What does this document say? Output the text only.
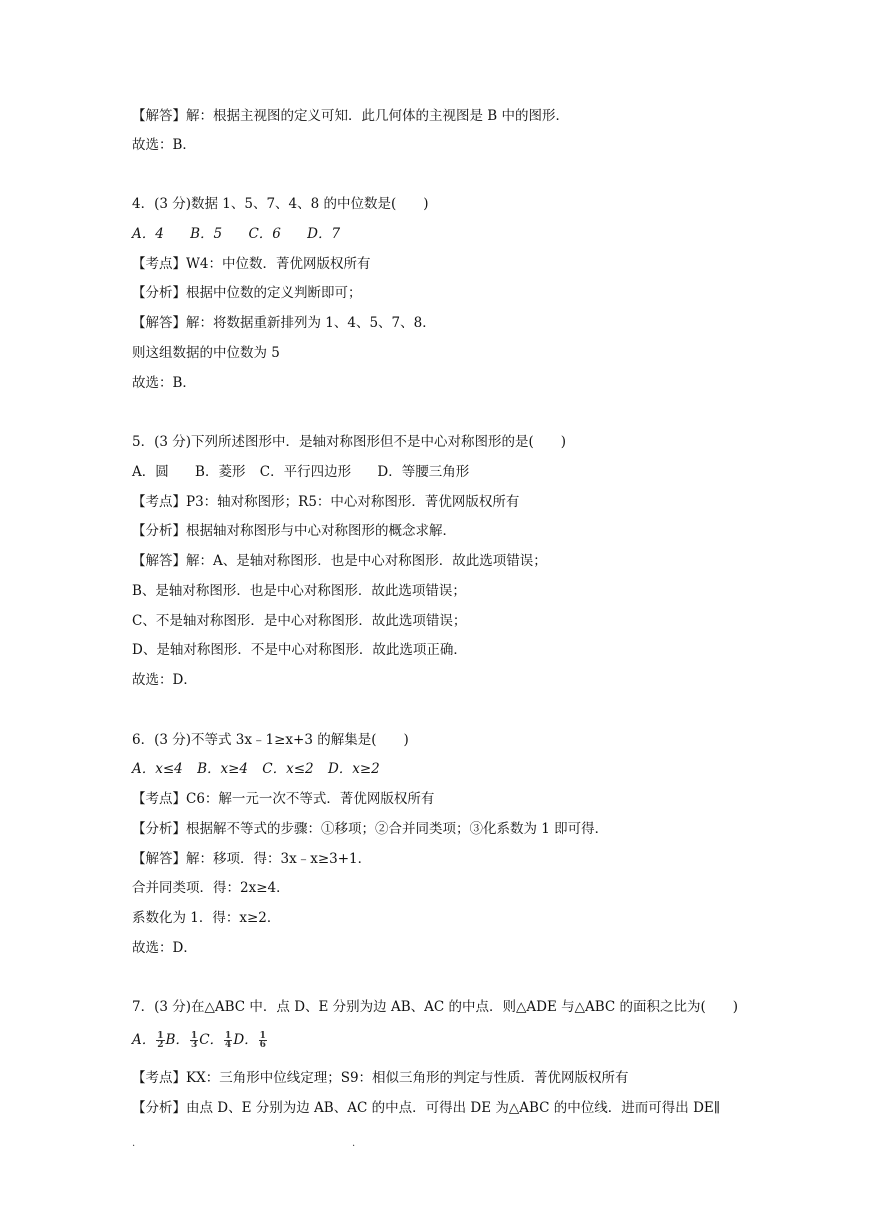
【解答】解：根据主视图的定义可知．此几何体的主视图是 B 中的图形．
故选：B．
4．(3 分)数据 1、5、7、4、8 的中位数是(　　)
A．4 B．5 C．6 D．7
【考点】W4：中位数．菁优网版权所有
【分析】根据中位数的定义判断即可；
【解答】解：将数据重新排列为 1、4、5、7、8．
则这组数据的中位数为 5
故选：B．
5．(3 分)下列所述图形中．是轴对称图形但不是中心对称图形的是(　　)
A．圆 B．菱形 C．平行四边形 D．等腰三角形
【考点】P3：轴对称图形；R5：中心对称图形．菁优网版权所有
【分析】根据轴对称图形与中心对称图形的概念求解．
【解答】解：A、是轴对称图形．也是中心对称图形．故此选项错误；
B、是轴对称图形．也是中心对称图形．故此选项错误；
C、不是轴对称图形．是中心对称图形．故此选项错误；
D、是轴对称图形．不是中心对称图形．故此选项正确．
故选：D．
6．(3 分)不等式 3x﹣1≥x+3 的解集是(　　)
A．x≤4 B．x≥4 C．x≤2 D．x≥2
【考点】C6：解一元一次不等式．菁优网版权所有
【分析】根据解不等式的步骤：①移项；②合并同类项；③化系数为 1 即可得．
【解答】解：移项．得：3x﹣x≥3+1．
合并同类项．得：2x≥4．
系数化为 1．得：x≥2．
故选：D．
7．(3 分)在△ABC 中．点 D、E 分别为边 AB、AC 的中点．则△ADE 与△ABC 的面积之比为(　　)
A． $\frac{1}{2}$ B． $\frac{1}{3}$ C． $\frac{1}{4}$ D． $\frac{1}{6}$
【考点】KX：三角形中位线定理；S9：相似三角形的判定与性质．菁优网版权所有
【分析】由点 D、E 分别为边 AB、AC 的中点．可得出 DE 为△ABC 的中位线．进而可得出 DE∥
.	.
